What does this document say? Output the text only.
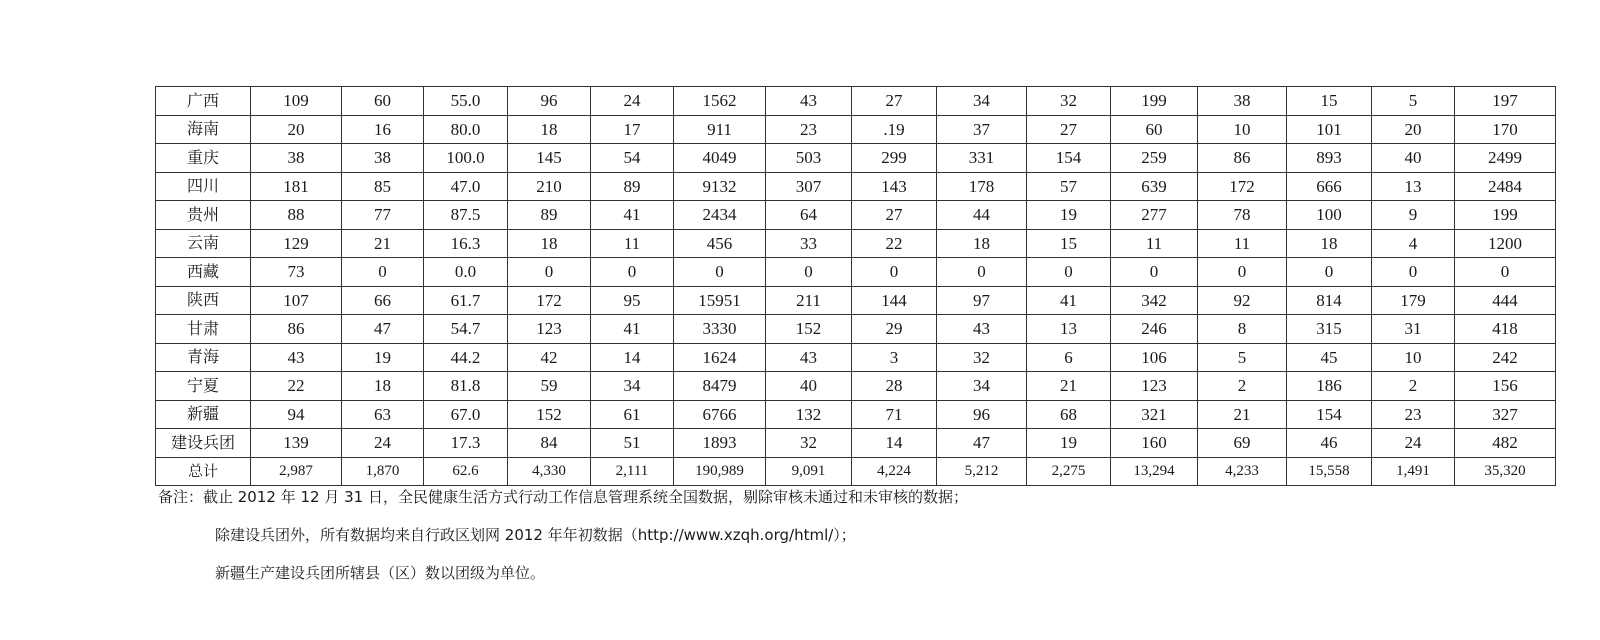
广西	109	60	55.0	96	24	1562	43	27	34	32	199	38	15	5	197
海南	20	16	80.0	18	17	911	23	.19	37	27	60	10	101	20	170
重庆	38	38	100.0	145	54	4049	503	299	331	154	259	86	893	40	2499
四川	181	85	47.0	210	89	9132	307	143	178	57	639	172	666	13	2484
贵州	88	77	87.5	89	41	2434	64	27	44	19	277	78	100	9	199
云南	129	21	16.3	18	11	456	33	22	18	15	11	11	18	4	1200
西藏	73	0	0.0	0	0	0	0	0	0	0	0	0	0	0	0
陕西	107	66	61.7	172	95	15951	211	144	97	41	342	92	814	179	444
甘肃	86	47	54.7	123	41	3330	152	29	43	13	246	8	315	31	418
青海	43	19	44.2	42	14	1624	43	3	32	6	106	5	45	10	242
宁夏	22	18	81.8	59	34	8479	40	28	34	21	123	2	186	2	156
新疆	94	63	67.0	152	61	6766	132	71	96	68	321	21	154	23	327
建设兵团	139	24	17.3	84	51	1893	32	14	47	19	160	69	46	24	482
总计	2,987	1,870	62.6	4,330	2,111	190,989	9,091	4,224	5,212	2,275	13,294	4,233	15,558	1,491	35,320
备注：截止 2012 年 12 月 31 日，全民健康生活方式行动工作信息管理系统全国数据，剔除审核未通过和未审核的数据；
除建设兵团外，所有数据均来自行政区划网 2012 年年初数据（http://www.xzqh.org/html/）；
新疆生产建设兵团所辖县（区）数以团级为单位。
